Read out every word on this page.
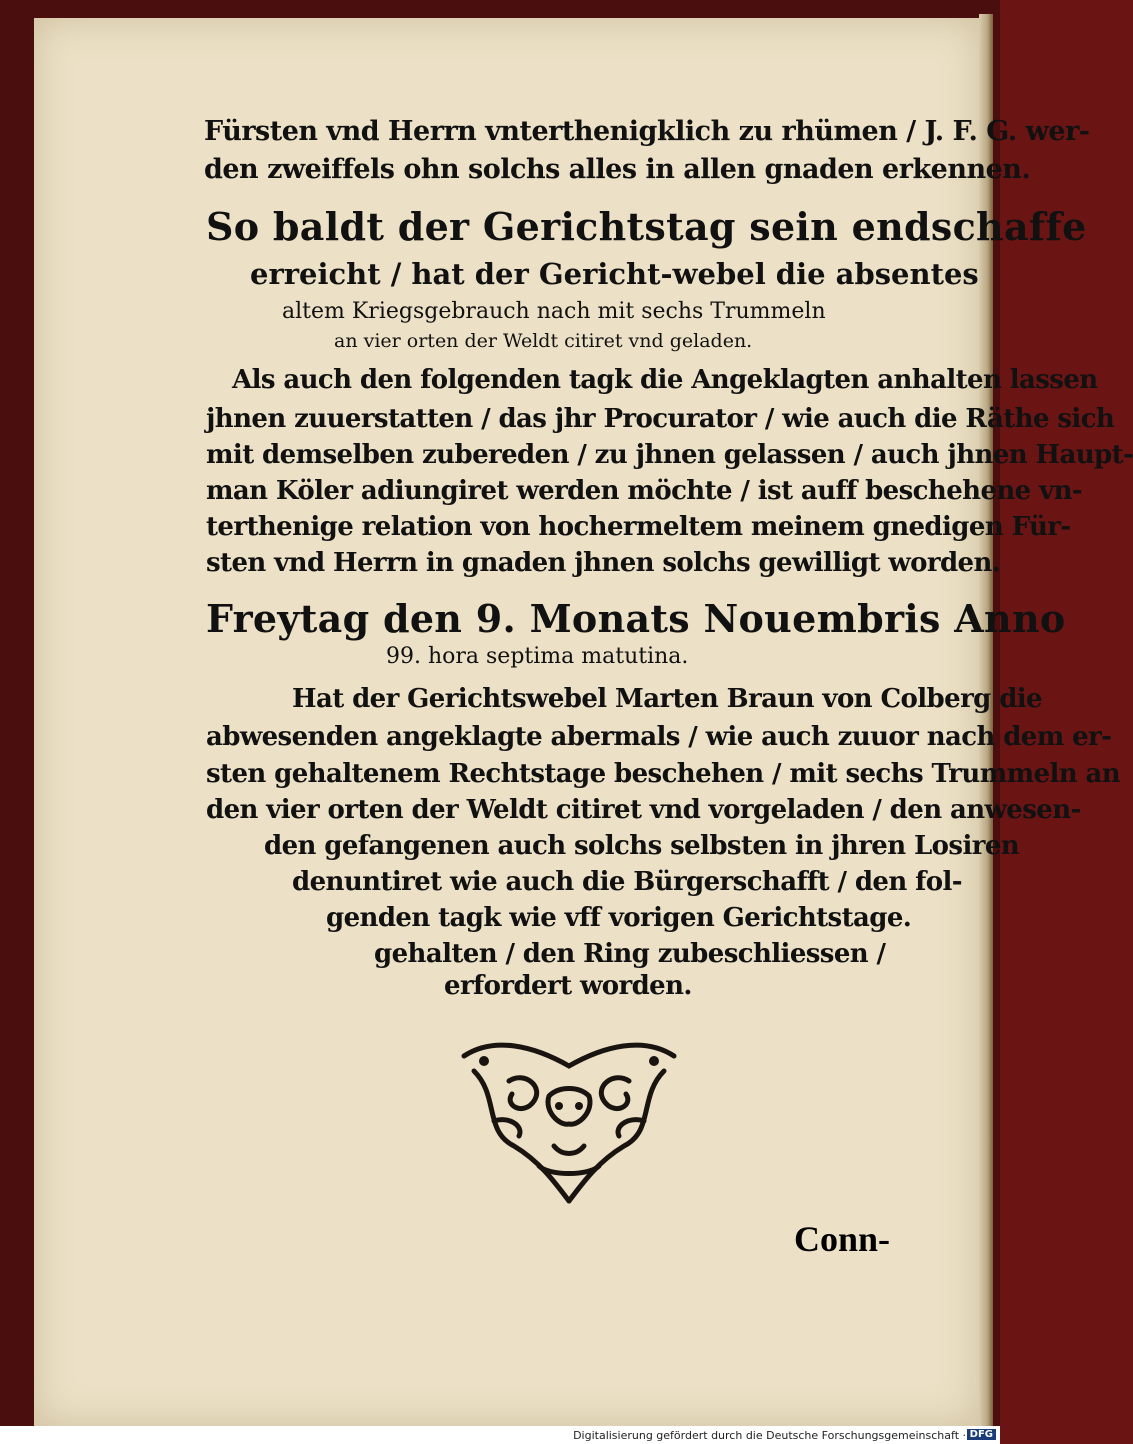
Fürsten vnd Herrn vnterthenigklich zu rhümen / J. F. G. wer-
den zweiffels ohn solchs alles in allen gnaden erkennen.
So baldt der Gerichtstag sein endschaffe
erreicht / hat der Gericht-webel die absentes
altem Kriegsgebrauch nach mit sechs Trummeln
an vier orten der Weldt citiret vnd geladen.
Als auch den folgenden tagk die Angeklagten anhalten lassen
jhnen zuuerstatten / das jhr Procurator / wie auch die Räthe sich
mit demselben zubereden / zu jhnen gelassen / auch jhnen Haupt-
man Köler adiungiret werden möchte / ist auff beschehene vn-
terthenige relation von hochermeltem meinem gnedigen Für-
sten vnd Herrn in gnaden jhnen solchs gewilligt worden.
Freytag den 9. Monats Nouembris Anno
99. hora septima matutina.
Hat der Gerichtswebel Marten Braun von Colberg die
abwesenden angeklagte abermals / wie auch zuuor nach dem er-
sten gehaltenem Rechtstage beschehen / mit sechs Trummeln an
den vier orten der Weldt citiret vnd vorgeladen / den anwesen-
den gefangenen auch solchs selbsten in jhren Losiren
denuntiret wie auch die Bürgerschafft / den fol-
genden tagk wie vff vorigen Gerichtstage.
gehalten / den Ring zubeschliessen /
erfordert worden.
Conn-
Digitalisierung gefördert durch die Deutsche Forschungsgemeinschaft · DFG
